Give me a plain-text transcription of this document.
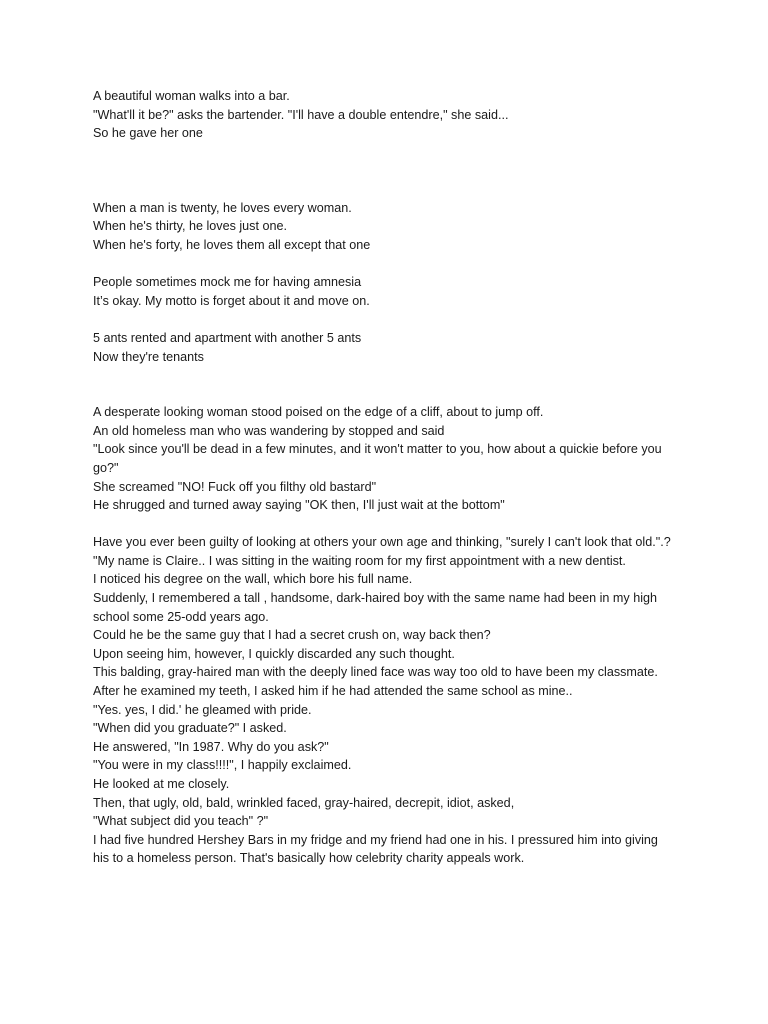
A beautiful woman walks into a bar.
"What'll it be?" asks the bartender. "I'll have a double entendre," she said...
So he gave her one

When a man is twenty, he loves every woman.
When he's thirty, he loves just one.
When he's forty, he loves them all except that one

People sometimes mock me for having amnesia
It’s okay. My motto is forget about it and move on.

5 ants rented and apartment with another 5 ants
Now they're tenants

A desperate looking woman stood poised on the edge of a cliff, about to jump off.
An old homeless man who was wandering by stopped and said
"Look since you'll be dead in a few minutes, and it won't matter to you, how about a quickie before you go?"
She screamed "NO! Fuck off you filthy old bastard"
He shrugged and turned away saying "OK then, I'll just wait at the bottom"

Have you ever been guilty of looking at others your own age and thinking, "surely I can't look that old.".?
"My name is Claire.. I was sitting in the waiting room for my first appointment with a new dentist.
I noticed his degree on the wall, which bore his full name.
Suddenly, I remembered a tall , handsome, dark-haired boy with the same name had been in my high school some 25-odd years ago.
Could he be the same guy that I had a secret crush on, way back then?
Upon seeing him, however, I quickly discarded any such thought.
This balding, gray-haired man with the deeply lined face was way too old to have been my classmate.
After he examined my teeth, I asked him if he had attended the same school as mine..
"Yes. yes, I did.' he gleamed with pride.
"When did you graduate?" I asked.
He answered, "In 1987. Why do you ask?"
"You were in my class!!!!", I happily exclaimed.
He looked at me closely.
Then, that ugly, old, bald, wrinkled faced, gray-haired, decrepit, idiot, asked,
"What subject did you teach" ?"
I had five hundred Hershey Bars in my fridge and my friend had one in his. I pressured him into giving his to a homeless person. That's basically how celebrity charity appeals work.
